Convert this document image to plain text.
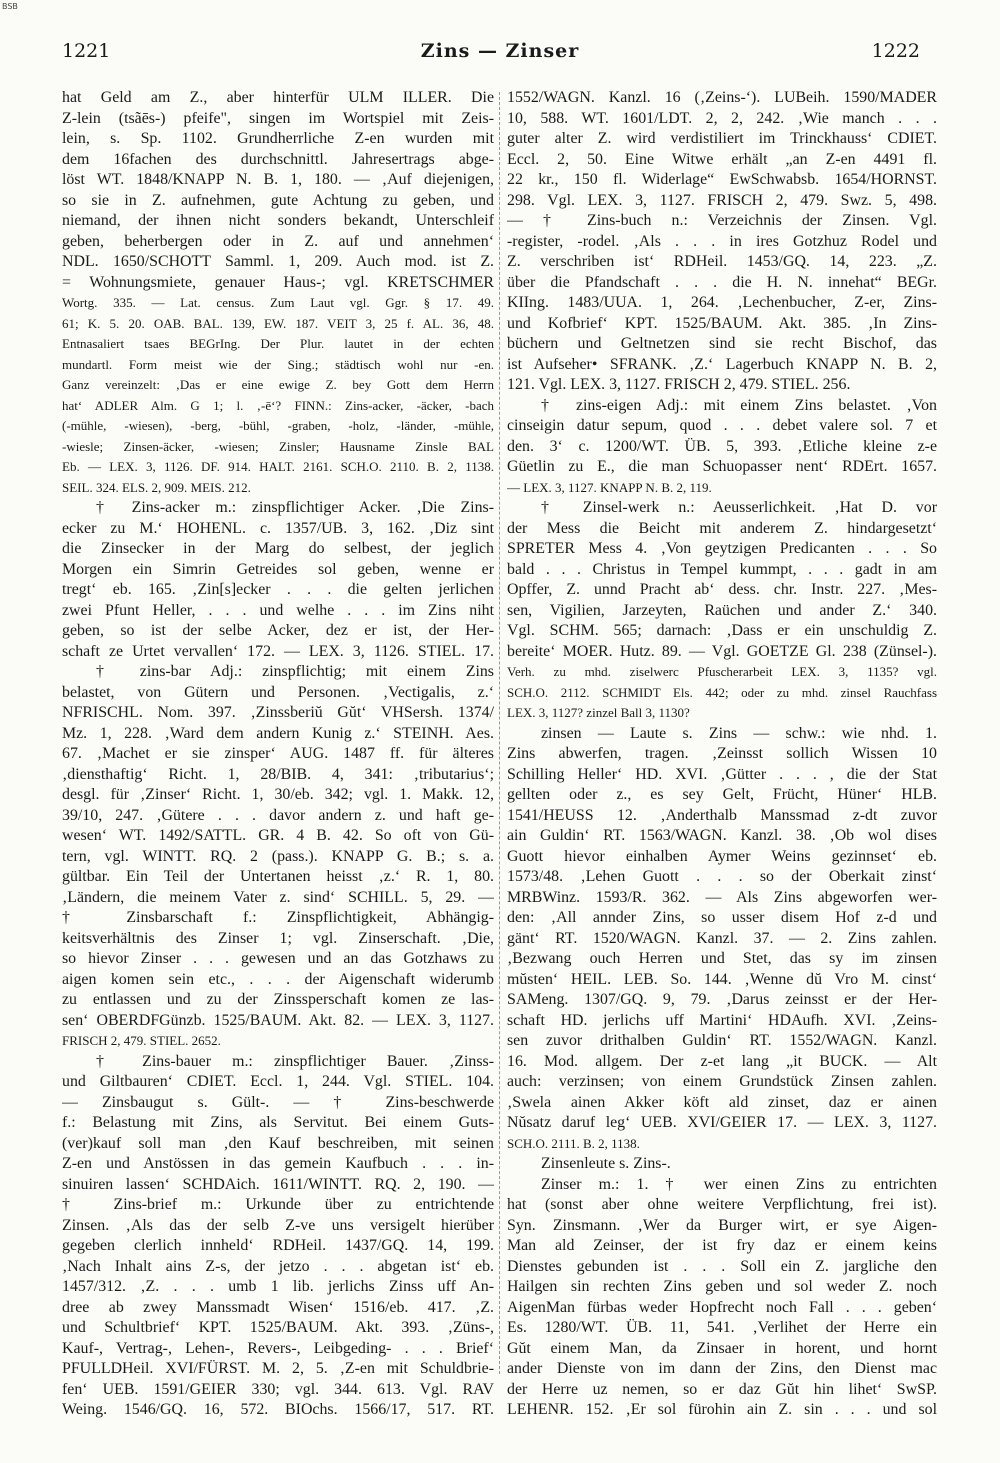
BSB
1221	Zins — Zinser	1222
hat Geld am Z., aber hinterfür ULM ILLER. Die
Z-lein (tsãēs-) pfeife", singen im Wortspiel mit Zeis-
lein, s. Sp. 1102. Grundherrliche Z-en wurden mit
dem 16fachen des durchschnittl. Jahresertrags abge-
löst WT. 1848/KNAPP N. B. 1, 180. — ‚Auf diejenigen,
so sie in Z. aufnehmen, gute Achtung zu geben, und
niemand, der ihnen nicht sonders bekandt, Unterschleif
geben, beherbergen oder in Z. auf und annehmen‘
NDL. 1650/SCHOTT Samml. 1, 209. Auch mod. ist Z.
= Wohnungsmiete, genauer Haus-; vgl. KRETSCHMER
Wortg. 335. — Lat. census. Zum Laut vgl. Ggr. § 17. 49.
61; K. 5. 20. OAB. BAL. 139, EW. 187. VEIT 3, 25 f. AL. 36, 48.
Entnasaliert tsaes BEGrIng. Der Plur. lautet in der echten
mundartl. Form meist wie der Sing.; städtisch wohl nur -en.
Ganz vereinzelt: ‚Das er eine ewige Z. bey Gott dem Herrn
hat‘ ADLER Alm. G 1; l. ‚-ē‘? FINN.: Zins-acker, -äcker, -bach
(-mühle, -wiesen), -berg, -bühl, -graben, -holz, -länder, -mühle,
-wiesle; Zinsen-äcker, -wiesen; Zinsler; Hausname Zinsle BAL
Eb. — LEX. 3, 1126. DF. 914. HALT. 2161. SCH.O. 2110. B. 2, 1138.
SEIL. 324. ELS. 2, 909. MEIS. 212.
† Zins-acker m.: zinspflichtiger Acker. ‚Die Zins-
ecker zu M.‘ HOHENL. c. 1357/UB. 3, 162. ‚Diz sint
die Zinsecker in der Marg do selbest, der jeglich
Morgen ein Simrin Getreides sol geben, wenne er
tregt‘ eb. 165. ‚Zin[s]ecker . . . die gelten jerlichen
zwei Pfunt Heller, . . . und welhe . . . im Zins niht
geben, so ist der selbe Acker, dez er ist, der Her-
schaft ze Urtet vervallen‘ 172. — LEX. 3, 1126. STIEL. 17.
† zins-bar Adj.: zinspflichtig; mit einem Zins
belastet, von Gütern und Personen. ‚Vectigalis, z.‘
NFRISCHL. Nom. 397. ‚Zinssberiŭ Gŭt‘ VHSersh. 1374/
Mz. 1, 228. ‚Ward dem andern Kunig z.‘ STEINH. Aes.
67. ‚Machet er sie zinsper‘ AUG. 1487 ff. für älteres
‚diensthaftig‘ Richt. 1, 28/BIB. 4, 341: ‚tributarius‘;
desgl. für ‚Zinser‘ Richt. 1, 30/eb. 342; vgl. 1. Makk. 12,
39/10, 247. ‚Gütere . . . davor andern z. und haft ge-
wesen‘ WT. 1492/SATTL. GR. 4 B. 42. So oft von Gü-
tern, vgl. WINTT. RQ. 2 (pass.). KNAPP G. B.; s. a.
gültbar. Ein Teil der Untertanen heisst ‚z.‘ R. 1, 80.
‚Ländern, die meinem Vater z. sind‘ SCHILL. 5, 29. —
† Zinsbarschaft f.: Zinspflichtigkeit, Abhängig-
keitsverhältnis des Zinser 1; vgl. Zinserschaft. ‚Die,
so hievor Zinser . . . gewesen und an das Gotzhaws zu
aigen komen sein etc., . . . der Aigenschaft widerumb
zu entlassen und zu der Zinssperschaft komen ze las-
sen‘ OBERDFGünzb. 1525/BAUM. Akt. 82. — LEX. 3, 1127.
FRISCH 2, 479. STIEL. 2652.
† Zins-bauer m.: zinspflichtiger Bauer. ‚Zinss-
und Giltbauren‘ CDIET. Eccl. 1, 244. Vgl. STIEL. 104.
— Zinsbaugut s. Gült-. — † Zins-beschwerde
f.: Belastung mit Zins, als Servitut. Bei einem Guts-
(ver)kauf soll man ‚den Kauf beschreiben, mit seinen
Z-en und Anstössen in das gemein Kaufbuch . . . in-
sinuiren lassen‘ SCHDAich. 1611/WINTT. RQ. 2, 190. —
† Zins-brief m.: Urkunde über zu entrichtende
Zinsen. ‚Als das der selb Z-ve uns versigelt hierüber
gegeben clerlich innheld‘ RDHeil. 1437/GQ. 14, 199.
‚Nach Inhalt ains Z-s, der jetzo . . . abgetan ist‘ eb.
1457/312. ‚Z. . . . umb 1 lib. jerlichs Zinss uff An-
dree ab zwey Manssmadt Wisen‘ 1516/eb. 417. ‚Z.
und Schultbrief‘ KPT. 1525/BAUM. Akt. 393. ‚Züns-,
Kauf-, Vertrag-, Lehen-, Revers-, Leibgeding- . . . Brief‘
PFULLDHeil. XVI/FÜRST. M. 2, 5. ‚Z-en mit Schuldbrie-
fen‘ UEB. 1591/GEIER 330; vgl. 344. 613. Vgl. RAV
Weing. 1546/GQ. 16, 572. BIOchs. 1566/17, 517. RT.
1552/WAGN. Kanzl. 16 (‚Zeins-‘). LUBeih. 1590/MADER
10, 588. WT. 1601/LDT. 2, 2, 242. ‚Wie manch . . .
guter alter Z. wird verdistiliert im Trinckhauss‘ CDIET.
Eccl. 2, 50. Eine Witwe erhält „an Z-en 4491 fl.
22 kr., 150 fl. Widerlage“ EwSchwabsb. 1654/HORNST.
298. Vgl. LEX. 3, 1127. FRISCH 2, 479. Swz. 5, 498.
— † Zins-buch n.: Verzeichnis der Zinsen. Vgl.
-register, -rodel. ‚Als . . . in ires Gotzhuz Rodel und
Z. verschriben ist‘ RDHeil. 1453/GQ. 14, 223. „Z.
über die Pfandschaft . . . die H. N. innehat“ BEGr.
KIIng. 1483/UUA. 1, 264. ‚Lechenbucher, Z-er, Zins-
und Kofbrief‘ KPT. 1525/BAUM. Akt. 385. ‚In Zins-
büchern und Geltnetzen sind sie recht Bischof, das
ist Aufseher• SFRANK. ‚Z.‘ Lagerbuch KNAPP N. B. 2,
121. Vgl. LEX. 3, 1127. FRISCH 2, 479. STIEL. 256.
† zins-eigen Adj.: mit einem Zins belastet. ‚Von
cinseigin datur sepum, quod . . . debet valere sol. 7 et
den. 3‘ c. 1200/WT. ÜB. 5, 393. ‚Etliche kleine z-e
Güetlin zu E., die man Schuopasser nent‘ RDErt. 1657.
— LEX. 3, 1127. KNAPP N. B. 2, 119.
† Zinsel-werk n.: Aeusserlichkeit. ‚Hat D. vor
der Mess die Beicht mit anderem Z. hindargesetzt‘
SPRETER Mess 4. ‚Von geytzigen Predicanten . . . So
bald . . . Christus in Tempel kummpt, . . . gadt in am
Opffer, Z. unnd Pracht ab‘ dess. chr. Instr. 227. ‚Mes-
sen, Vigilien, Jarzeyten, Raüchen und ander Z.‘ 340.
Vgl. SCHM. 565; darnach: ‚Dass er ein unschuldig Z.
bereite‘ MOER. Hutz. 89. — Vgl. GOETZE Gl. 238 (Zünsel-).
Verh. zu mhd. ziselwerc Pfuscherarbeit LEX. 3, 1135? vgl.
SCH.O. 2112. SCHMIDT Els. 442; oder zu mhd. zinsel Rauchfass
LEX. 3, 1127? zinzel Ball 3, 1130?
zinsen — Laute s. Zins — schw.: wie nhd. 1.
Zins abwerfen, tragen. ‚Zeinsst sollich Wissen 10
Schilling Heller‘ HD. XVI. ‚Gütter . . . , die der Stat
gellten oder z., es sey Gelt, Frücht, Hüner‘ HLB.
1541/HEUSS 12. ‚Anderthalb Manssmad z-dt zuvor
ain Guldin‘ RT. 1563/WAGN. Kanzl. 38. ‚Ob wol dises
Guott hievor einhalben Aymer Weins gezinnset‘ eb.
1573/48. ‚Lehen Guott . . . so der Oberkait zinst‘
MRBWinz. 1593/R. 362. — Als Zins abgeworfen wer-
den: ‚All annder Zins, so usser disem Hof z-d und
gänt‘ RT. 1520/WAGN. Kanzl. 37. — 2. Zins zahlen.
‚Bezwang ouch Herren und Stet, das sy im zinsen
mŭsten‘ HEIL. LEB. So. 144. ‚Wenne dŭ Vro M. cinst‘
SAMeng. 1307/GQ. 9, 79. ‚Darus zeinsst er der Her-
schaft HD. jerlichs uff Martini‘ HDAufh. XVI. ‚Zeins-
sen zuvor drithalben Guldin‘ RT. 1552/WAGN. Kanzl.
16. Mod. allgem. Der z-et lang „it BUCK. — Alt
auch: verzinsen; von einem Grundstück Zinsen zahlen.
‚Swela ainen Akker köft ald zinset, daz er ainen
Nŭsatz daruf leg‘ UEB. XVI/GEIER 17. — LEX. 3, 1127.
SCH.O. 2111. B. 2, 1138.
Zinsenleute s. Zins-.
Zinser m.: 1. † wer einen Zins zu entrichten
hat (sonst aber ohne weitere Verpflichtung, frei ist).
Syn. Zinsmann. ‚Wer da Burger wirt, er sye Aigen-
Man ald Zeinser, der ist fry daz er einem keins
Dienstes gebunden ist . . . Soll ein Z. jargliche den
Hailgen sin rechten Zins geben und sol weder Z. noch
AigenMan fürbas weder Hopfrecht noch Fall . . . geben‘
Es. 1280/WT. ÜB. 11, 541. ‚Verlihet der Herre ein
Gŭt einem Man, da Zinsaer in horent, und hornt
ander Dienste von im dann der Zins, den Dienst mac
der Herre uz nemen, so er daz Gŭt hin lihet‘ SwSP.
LEHENR. 152. ‚Er sol fürohin ain Z. sin . . . und sol
